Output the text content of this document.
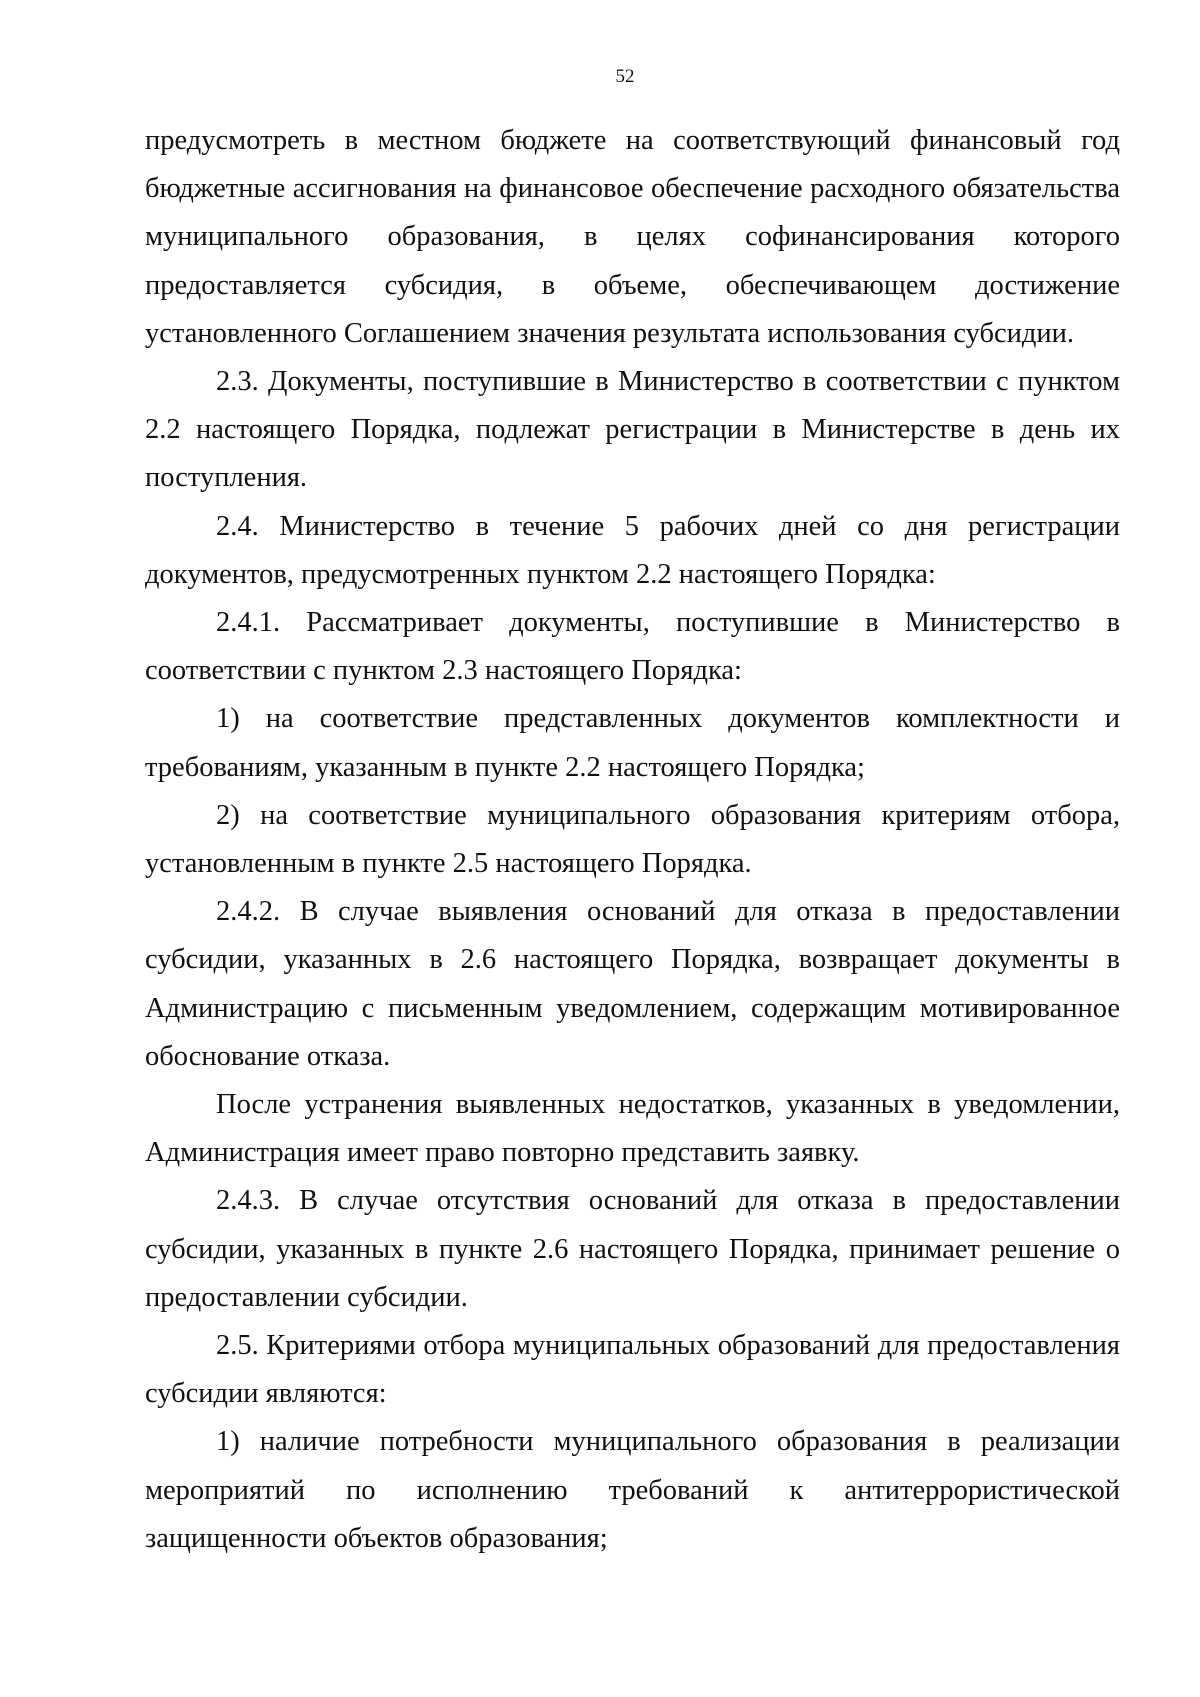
52

предусмотреть в местном бюджете на соответствующий финансовый год бюджетные ассигнования на финансовое обеспечение расходного обязательства муниципального образования, в целях софинансирования которого предоставляется субсидия, в объеме, обеспечивающем достижение установленного Соглашением значения результата использования субсидии.

2.3. Документы, поступившие в Министерство в соответствии с пунктом 2.2 настоящего Порядка, подлежат регистрации в Министерстве в день их поступления.

2.4. Министерство в течение 5 рабочих дней со дня регистрации документов, предусмотренных пунктом 2.2 настоящего Порядка:

2.4.1. Рассматривает документы, поступившие в Министерство в соответствии с пунктом 2.3 настоящего Порядка:

1) на соответствие представленных документов комплектности и требованиям, указанным в пункте 2.2 настоящего Порядка;

2) на соответствие муниципального образования критериям отбора, установленным в пункте 2.5 настоящего Порядка.

2.4.2. В случае выявления оснований для отказа в предоставлении субсидии, указанных в 2.6 настоящего Порядка, возвращает документы в Администрацию с письменным уведомлением, содержащим мотивированное обоснование отказа.

После устранения выявленных недостатков, указанных в уведомлении, Администрация имеет право повторно представить заявку.

2.4.3. В случае отсутствия оснований для отказа в предоставлении субсидии, указанных в пункте 2.6 настоящего Порядка, принимает решение о предоставлении субсидии.

2.5. Критериями отбора муниципальных образований для предоставления субсидии являются:

1) наличие потребности муниципального образования в реализации мероприятий по исполнению требований к антитеррористической защищенности объектов образования;
